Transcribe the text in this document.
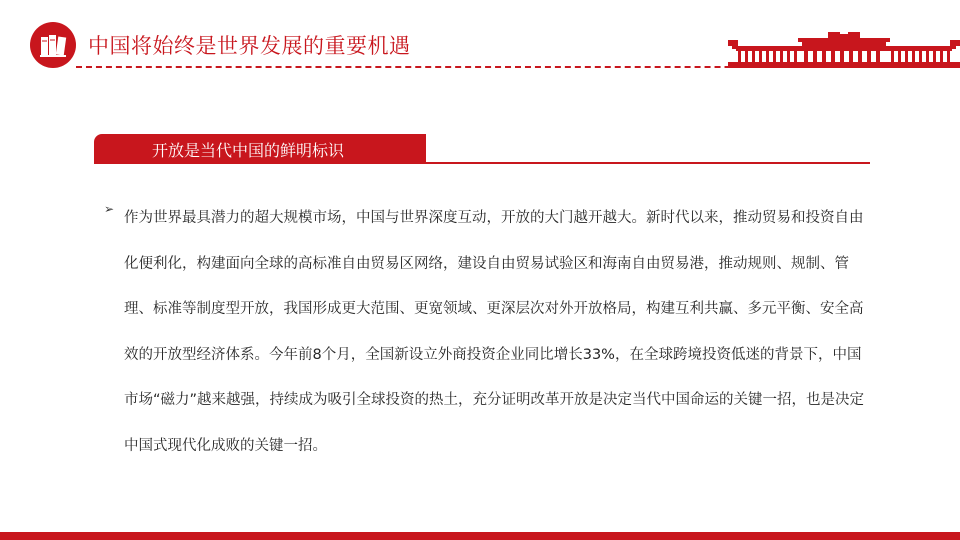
中国将始终是世界发展的重要机遇
开放是当代中国的鲜明标识
➢
作为世界最具潜力的超大规模市场，中国与世界深度互动，开放的大门越开越大。新时代以来，推动贸易和投资自由化便利化，构建面向全球的高标准自由贸易区网络，建设自由贸易试验区和海南自由贸易港，推动规则、规制、管理、标准等制度型开放，我国形成更大范围、更宽领域、更深层次对外开放格局，构建互利共赢、多元平衡、安全高效的开放型经济体系。今年前8个月，全国新设立外商投资企业同比增长33%，在全球跨境投资低迷的背景下，中国市场“磁力”越来越强，持续成为吸引全球投资的热土，充分证明改革开放是决定当代中国命运的关键一招，也是决定中国式现代化成败的关键一招。
